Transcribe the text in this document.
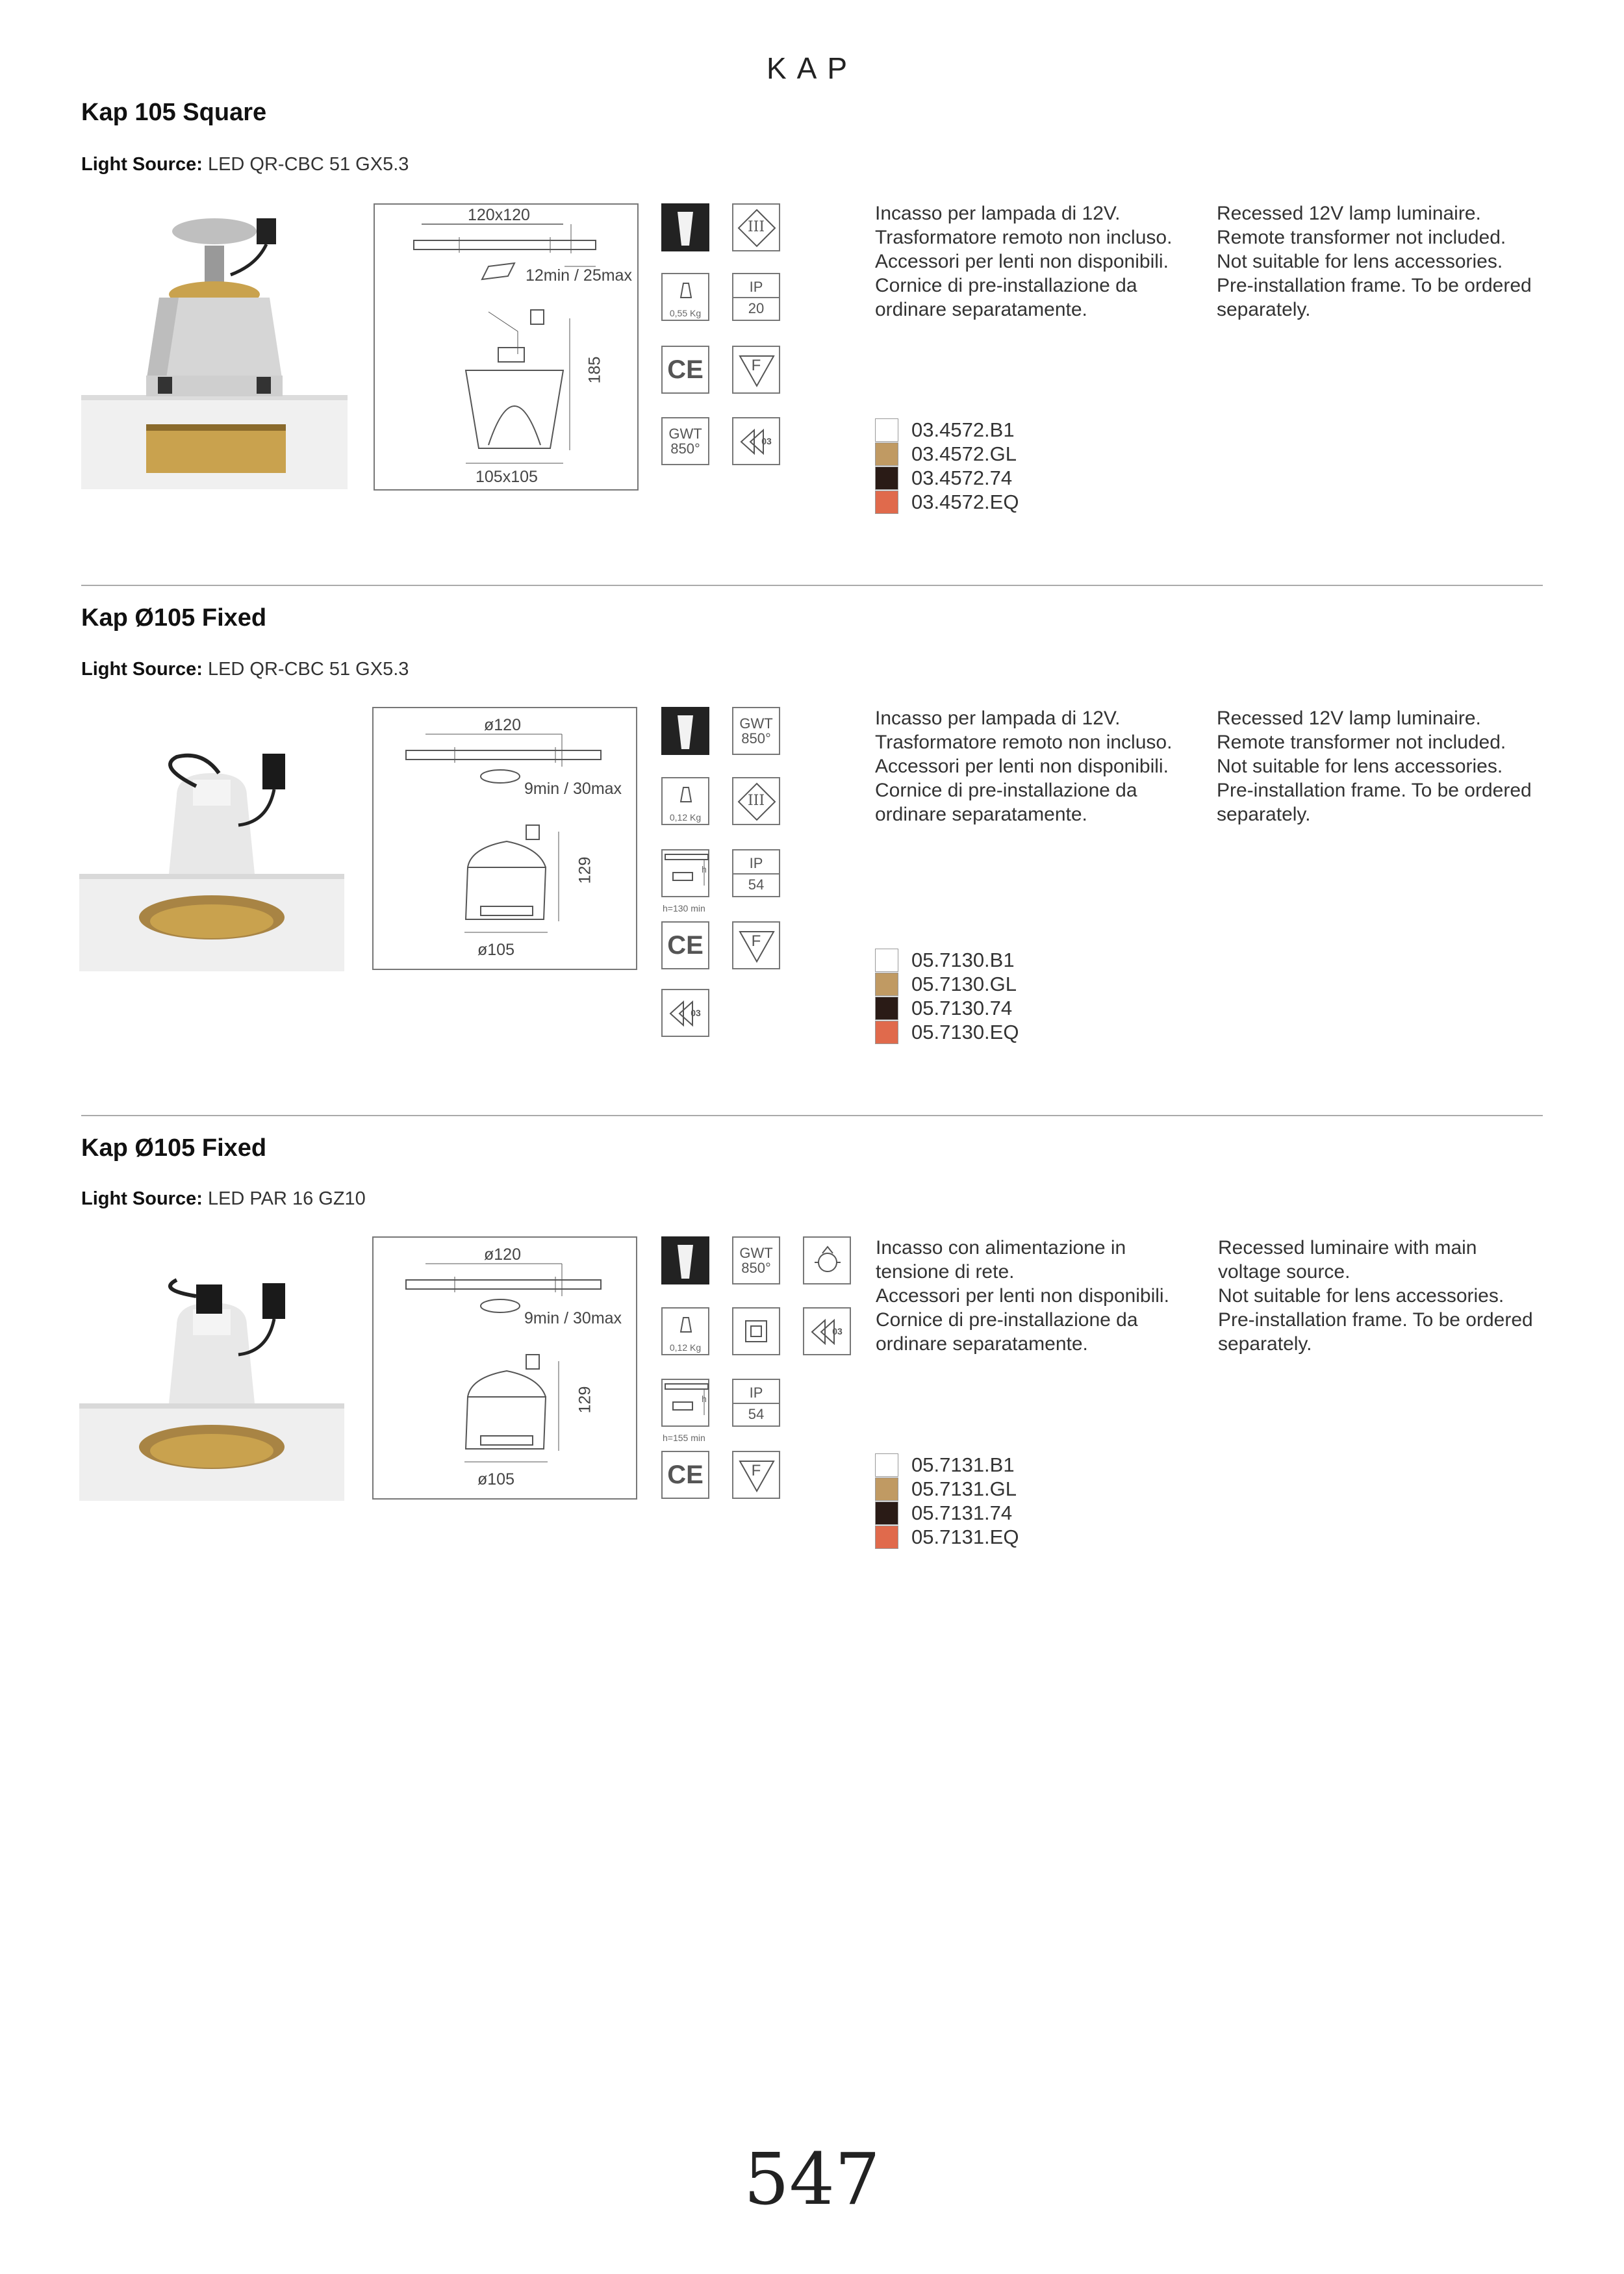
KAP
Kap 105 Square
Light Source: LED QR-CBC 51 GX5.3
120x120
12min / 25max
185
105x105
III
0,55 Kg
IP
20
CE	F
GWT
850°	03
Incasso per lampada di 12V.
Trasformatore remoto non incluso.
Accessori per lenti non disponibili.
Cornice di pre-installazione da
ordinare separatamente.
Recessed 12V lamp luminaire.
Remote transformer not included.
Not suitable for lens accessories.
Pre-installation frame. To be ordered
separately.
03.4572.B1
03.4572.GL
03.4572.74
03.4572.EQ
Kap Ø105 Fixed
Light Source: LED QR-CBC 51 GX5.3
ø120
9min / 30max
129
ø105
GWT
850°
0,12 Kg
III
h
h=130 min
IP
54
CE	F
03
Incasso per lampada di 12V.
Trasformatore remoto non incluso.
Accessori per lenti non disponibili.
Cornice di pre-installazione da
ordinare separatamente.
Recessed 12V lamp luminaire.
Remote transformer not included.
Not suitable for lens accessories.
Pre-installation frame. To be ordered
separately.
05.7130.B1
05.7130.GL
05.7130.74
05.7130.EQ
Kap Ø105 Fixed
Light Source: LED PAR 16 GZ10
ø120
9min / 30max
129
ø105
GWT
850°
0,12 Kg
03
h
h=155 min
IP
54
CE	F
Incasso con alimentazione in
tensione di rete.
Accessori per lenti non disponibili.
Cornice di pre-installazione da
ordinare separatamente.
Recessed luminaire with main
voltage source.
Not suitable for lens accessories.
Pre-installation frame. To be ordered
separately.
05.7131.B1
05.7131.GL
05.7131.74
05.7131.EQ
547
